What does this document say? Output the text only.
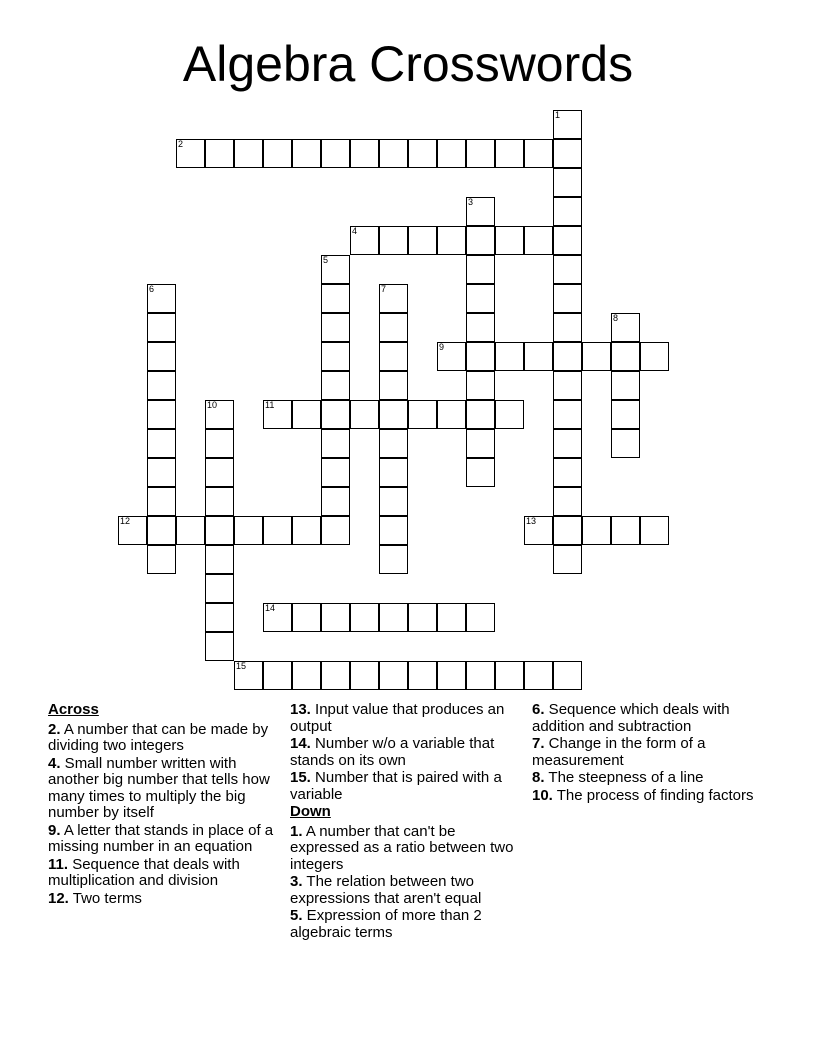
Algebra Crosswords
1
2
3
4
5
6	7
8
9
10	11
12	13
14
15
Across
2. A number that can be made by dividing two integers
4. Small number written with another big number that tells how many times to multiply the big number by itself
9. A letter that stands in place of a missing number in an equation
11. Sequence that deals with multiplication and division
12. Two terms
13. Input value that produces an output
14. Number w/o a variable that stands on its own
15. Number that is paired with a variable
Down
1. A number that can't be expressed as a ratio between two integers
3. The relation between two expressions that aren't equal
5. Expression of more than 2 algebraic terms
6. Sequence which deals with addition and subtraction
7. Change in the form of a measurement
8. The steepness of a line
10. The process of finding factors
